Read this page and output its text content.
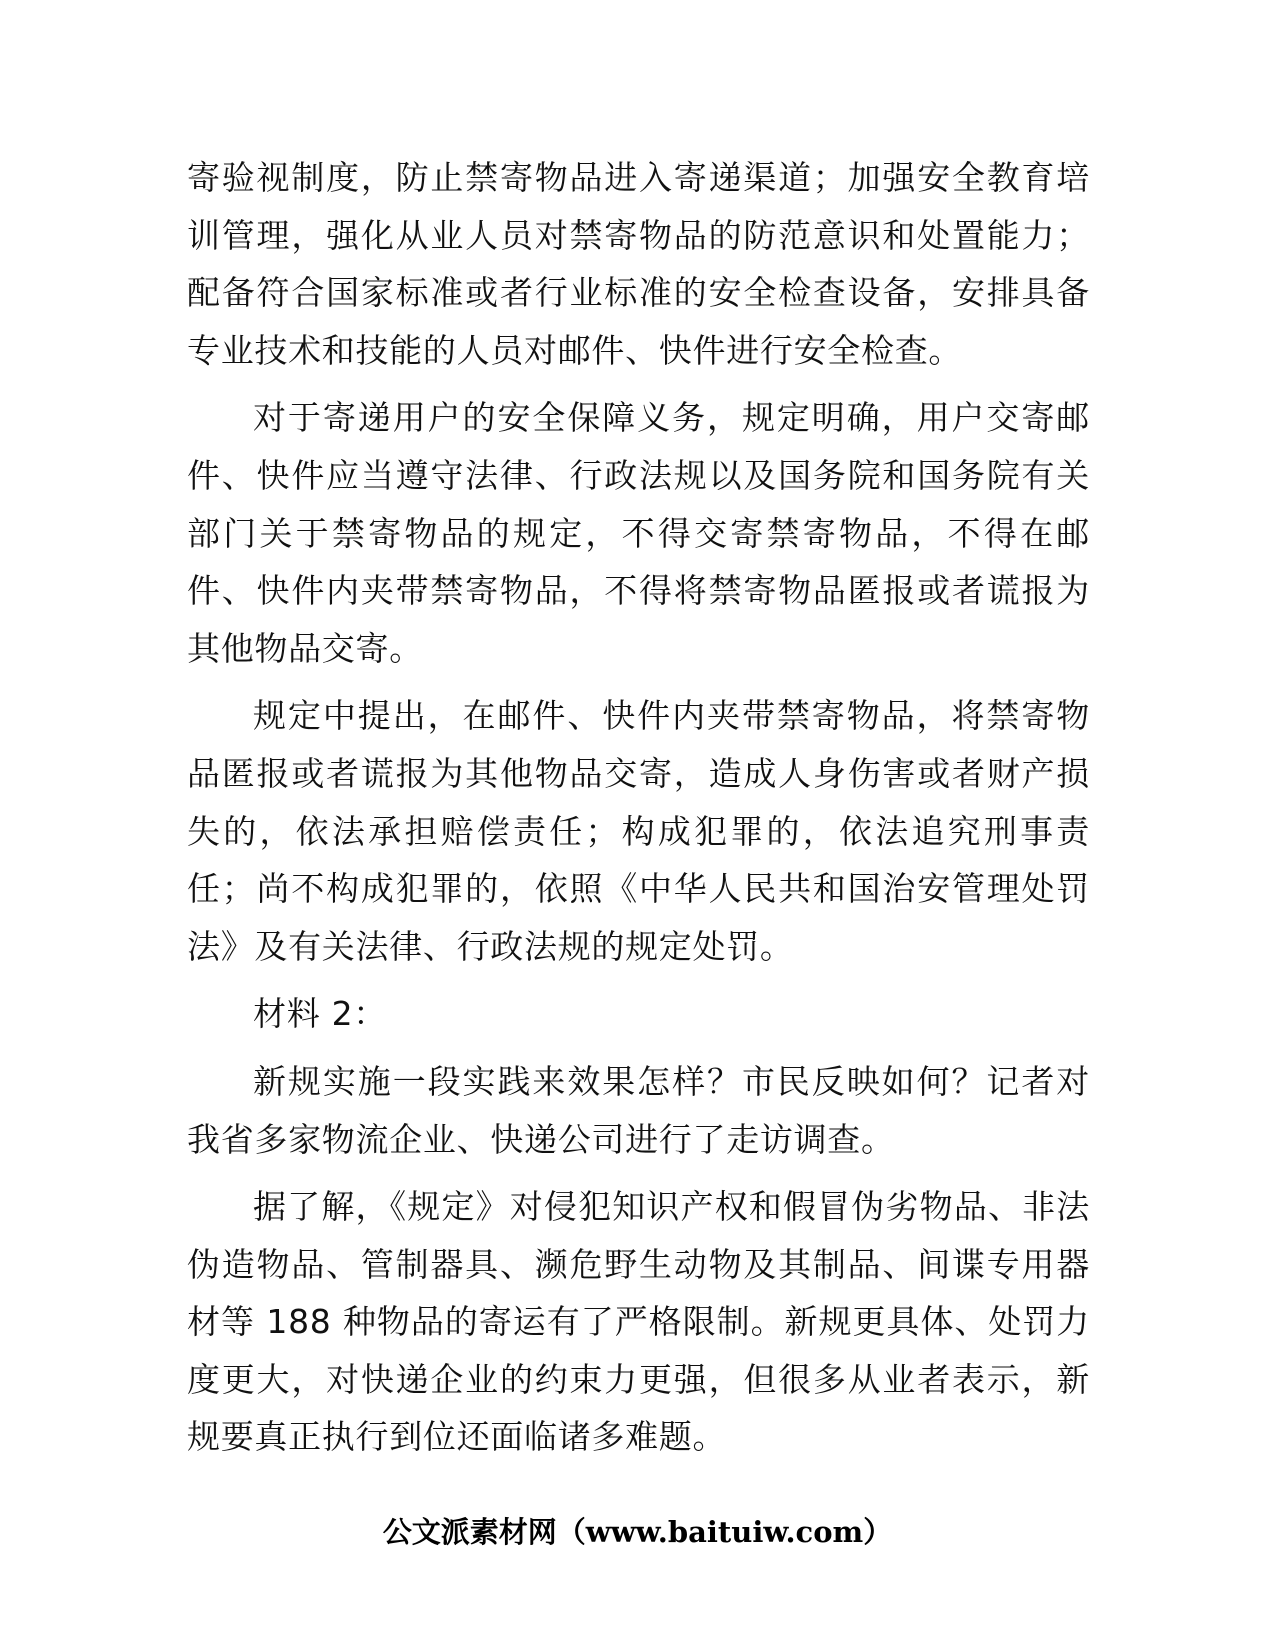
寄验视制度，防止禁寄物品进入寄递渠道；加强安全教育培训管理，强化从业人员对禁寄物品的防范意识和处置能力；配备符合国家标准或者行业标准的安全检查设备，安排具备专业技术和技能的人员对邮件、快件进行安全检查。

对于寄递用户的安全保障义务，规定明确，用户交寄邮件、快件应当遵守法律、行政法规以及国务院和国务院有关部门关于禁寄物品的规定，不得交寄禁寄物品，不得在邮件、快件内夹带禁寄物品，不得将禁寄物品匿报或者谎报为其他物品交寄。

规定中提出，在邮件、快件内夹带禁寄物品，将禁寄物品匿报或者谎报为其他物品交寄，造成人身伤害或者财产损失的，依法承担赔偿责任；构成犯罪的，依法追究刑事责任；尚不构成犯罪的，依照《中华人民共和国治安管理处罚法》及有关法律、行政法规的规定处罚。

材料 2：

新规实施一段实践来效果怎样？市民反映如何？记者对我省多家物流企业、快递公司进行了走访调查。

据了解，《规定》对侵犯知识产权和假冒伪劣物品、非法伪造物品、管制器具、濒危野生动物及其制品、间谍专用器材等 188 种物品的寄运有了严格限制。新规更具体、处罚力度更大，对快递企业的约束力更强，但很多从业者表示，新规要真正执行到位还面临诸多难题。

公文派素材网（www.baituiw.com）
